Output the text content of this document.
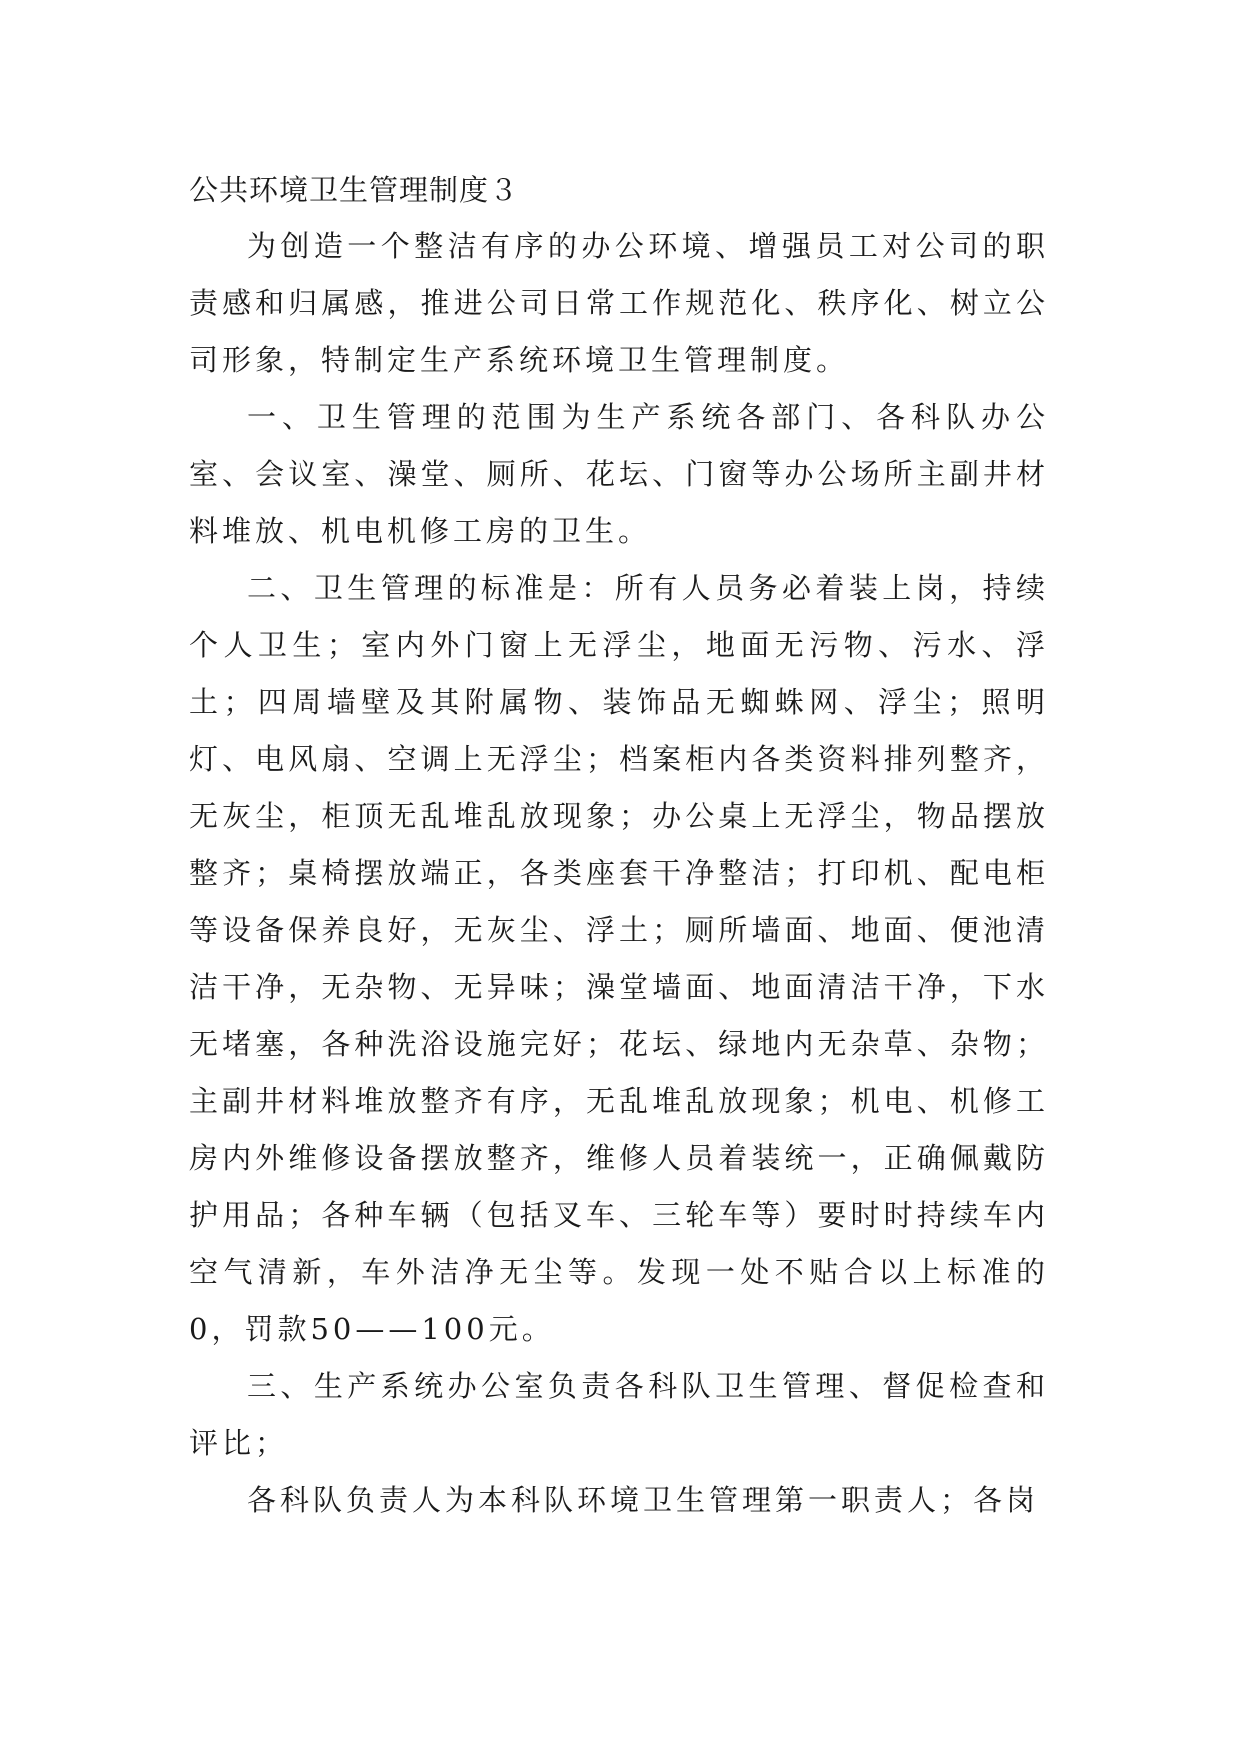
公共环境卫生管理制度３

为创造一个整洁有序的办公环境、增强员工对公司的职责感和归属感，推进公司日常工作规范化、秩序化、树立公司形象，特制定生产系统环境卫生管理制度。

一、卫生管理的范围为生产系统各部门、各科队办公室、会议室、澡堂、厕所、花坛、门窗等办公场所主副井材料堆放、机电机修工房的卫生。

二、卫生管理的标准是：所有人员务必着装上岗，持续个人卫生；室内外门窗上无浮尘，地面无污物、污水、浮土；四周墙壁及其附属物、装饰品无蜘蛛网、浮尘；照明灯、电风扇、空调上无浮尘；档案柜内各类资料排列整齐，无灰尘，柜顶无乱堆乱放现象；办公桌上无浮尘，物品摆放整齐；桌椅摆放端正，各类座套干净整洁；打印机、配电柜等设备保养良好，无灰尘、浮土；厕所墙面、地面、便池清洁干净，无杂物、无异味；澡堂墙面、地面清洁干净，下水无堵塞，各种洗浴设施完好；花坛、绿地内无杂草、杂物；主副井材料堆放整齐有序，无乱堆乱放现象；机电、机修工房内外维修设备摆放整齐，维修人员着装统一，正确佩戴防护用品；各种车辆（包括叉车、三轮车等）要时时持续车内空气清新，车外洁净无尘等。发现一处不贴合以上标准的0，罚款50——100元。

三、生产系统办公室负责各科队卫生管理、督促检查和评比；

各科队负责人为本科队环境卫生管理第一职责人；各岗
